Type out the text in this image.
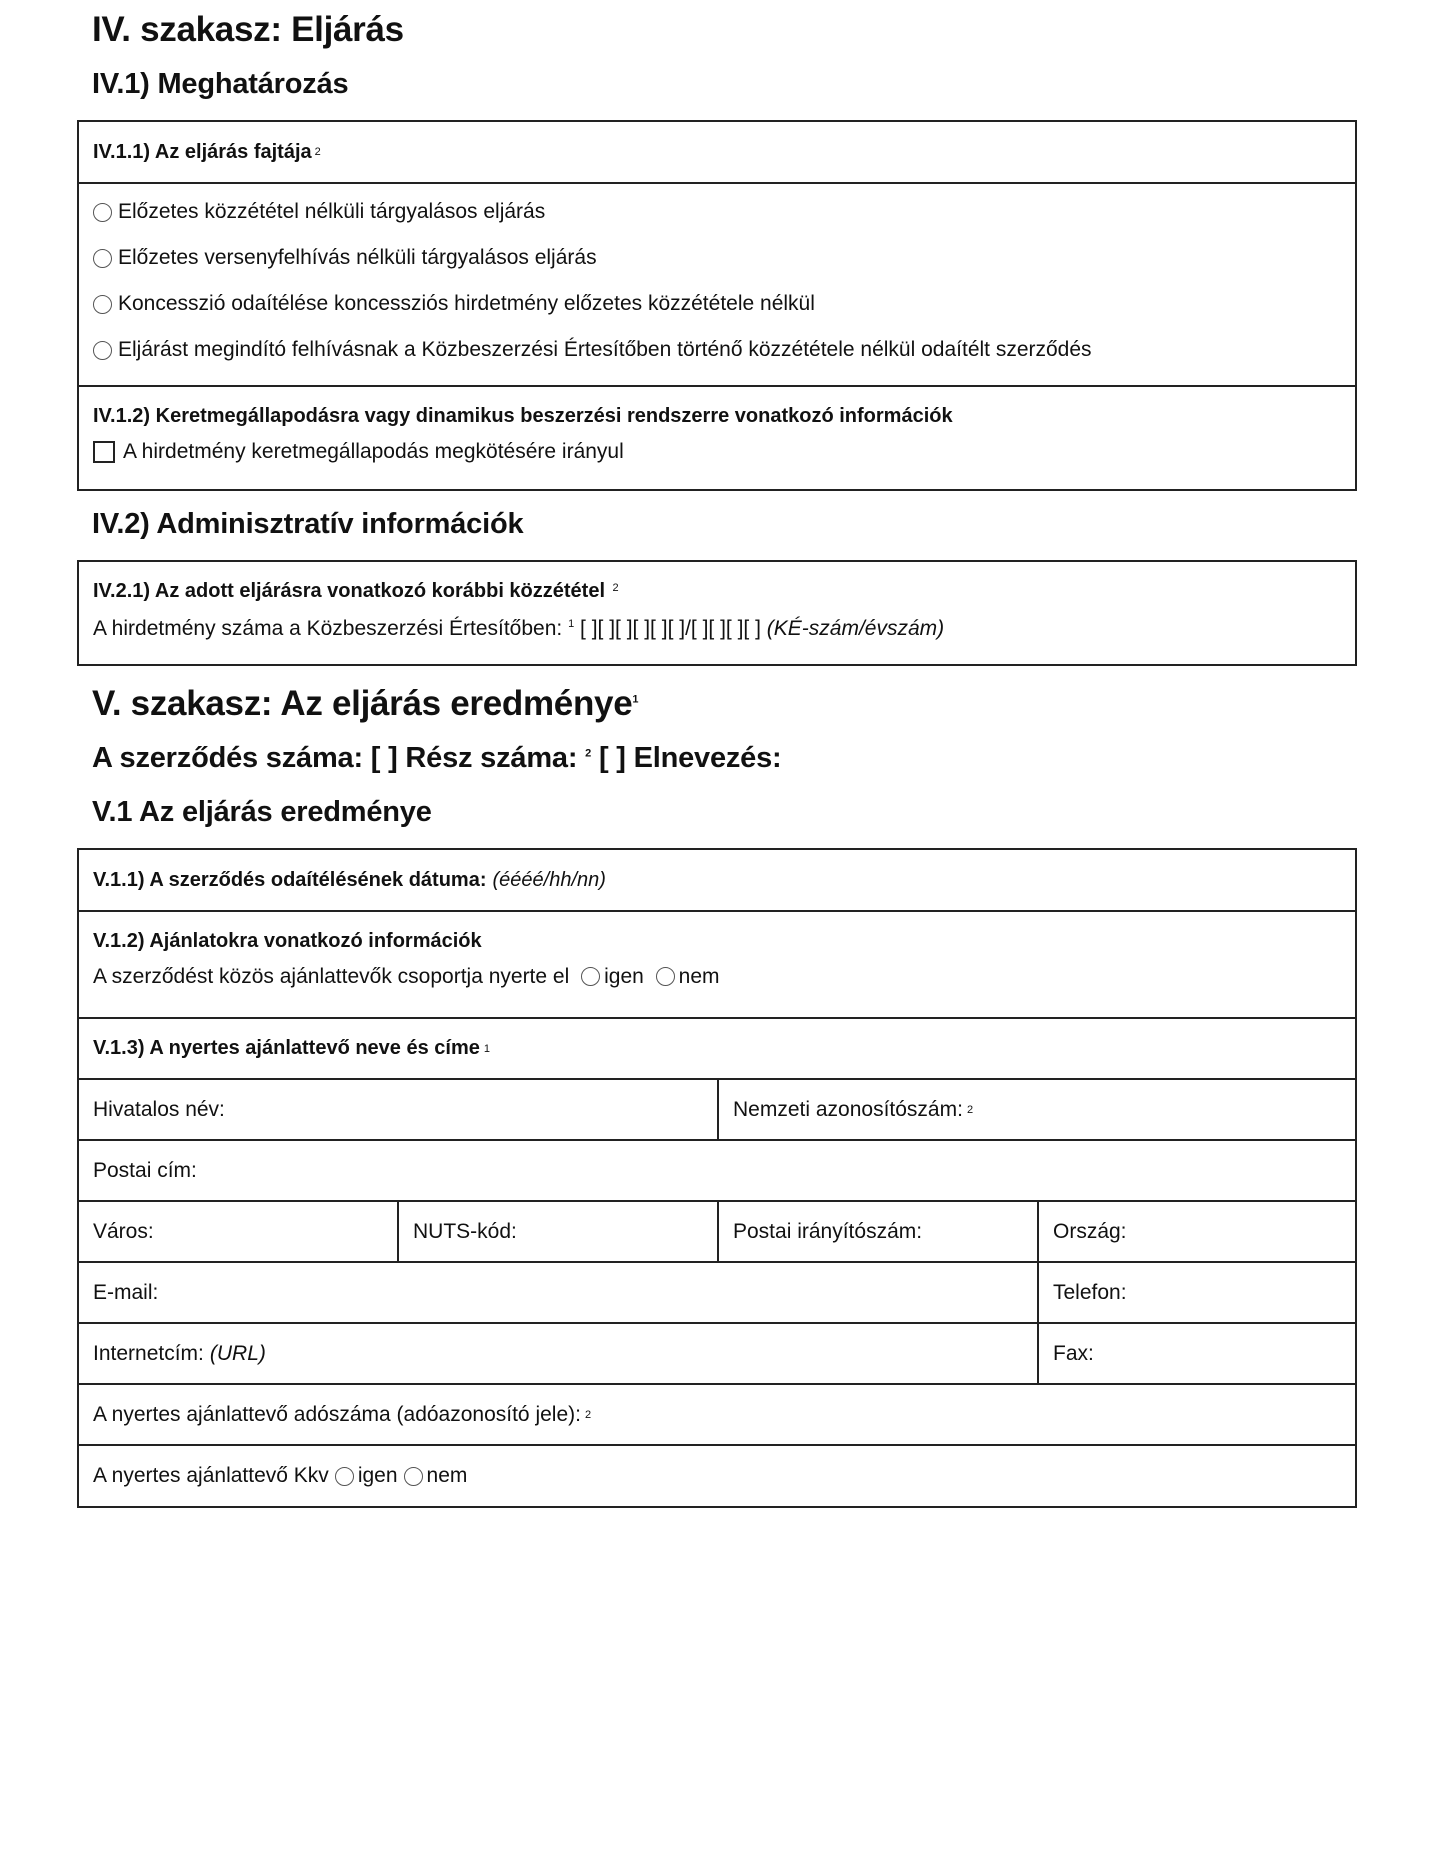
IV. szakasz: Eljárás
IV.1) Meghatározás
IV.1.1) Az eljárás fajtája 2
Előzetes közzététel nélküli tárgyalásos eljárás
Előzetes versenyfelhívás nélküli tárgyalásos eljárás
Koncesszió odaítélése koncessziós hirdetmény előzetes közzététele nélkül
Eljárást megindító felhívásnak a Közbeszerzési Értesítőben történő közzététele nélkül odaítélt szerződés
IV.1.2) Keretmegállapodásra vagy dinamikus beszerzési rendszerre vonatkozó információk
A hirdetmény keretmegállapodás megkötésére irányul
IV.2) Adminisztratív információk
IV.2.1) Az adott eljárásra vonatkozó korábbi közzététel $^2$
A hirdetmény száma a Közbeszerzési Értesítőben: $^1$ [ ][ ][ ][ ][ ][ ]/[ ][ ][ ][ ] (KÉ-szám/évszám)
V. szakasz: Az eljárás eredménye$^1$
A szerződés száma: [ ] Rész száma: $^2$ [ ] Elnevezés:
V.1 Az eljárás eredménye
V.1.1) A szerződés odaítélésének dátuma: (éééé/hh/nn)
V.1.2) Ajánlatokra vonatkozó információk
A szerződést közös ajánlattevők csoportja nyerte el igen nem
V.1.3) A nyertes ajánlattevő neve és címe 1
Hivatalos név:	Nemzeti azonosítószám: 2
Postai cím:
Város:	NUTS-kód:	Postai irányítószám:	Ország:
E-mail:	Telefon:
Internetcím: (URL)	Fax:
A nyertes ajánlattevő adószáma (adóazonosító jele): 2
A nyertes ajánlattevő Kkv igen nem
